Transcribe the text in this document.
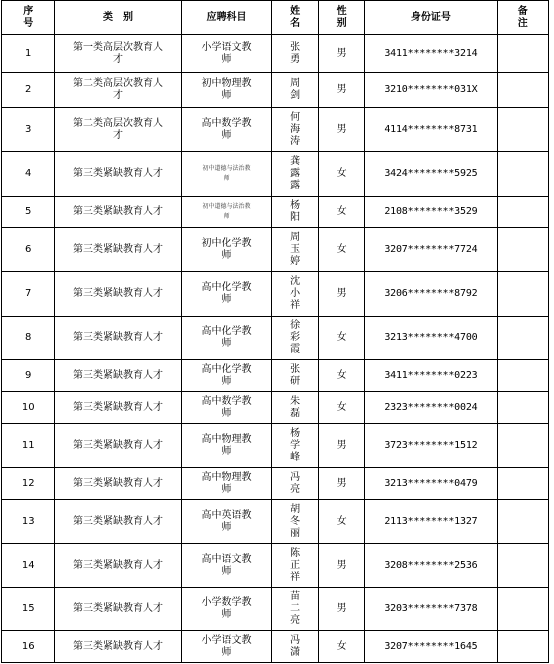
序号	类　别	应聘科目	姓名	性别	身份证号	备注
1	第一类高层次教育人才	小学语文教师	张勇	男	3411********3214	
2	第二类高层次教育人才	初中物理教师	周剑	男	3210********031X	
3	第二类高层次教育人才	高中数学教师	何海涛	男	4114********8731	
4	第三类紧缺教育人才	初中道德与法治教师	龚露露	女	3424********5925	
5	第三类紧缺教育人才	初中道德与法治教师	杨阳	女	2108********3529	
6	第三类紧缺教育人才	初中化学教师	周玉婷	女	3207********7724	
7	第三类紧缺教育人才	高中化学教师	沈小祥	男	3206********8792	
8	第三类紧缺教育人才	高中化学教师	徐彩霞	女	3213********4700	
9	第三类紧缺教育人才	高中化学教师	张研	女	3411********0223	
10	第三类紧缺教育人才	高中数学教师	朱磊	女	2323********0024	
11	第三类紧缺教育人才	高中物理教师	杨学峰	男	3723********1512	
12	第三类紧缺教育人才	高中物理教师	冯亮	男	3213********0479	
13	第三类紧缺教育人才	高中英语教师	胡冬丽	女	2113********1327	
14	第三类紧缺教育人才	高中语文教师	陈正祥	男	3208********2536	
15	第三类紧缺教育人才	小学数学教师	苗二亮	男	3203********7378	
16	第三类紧缺教育人才	小学语文教师	冯潇	女	3207********1645	
